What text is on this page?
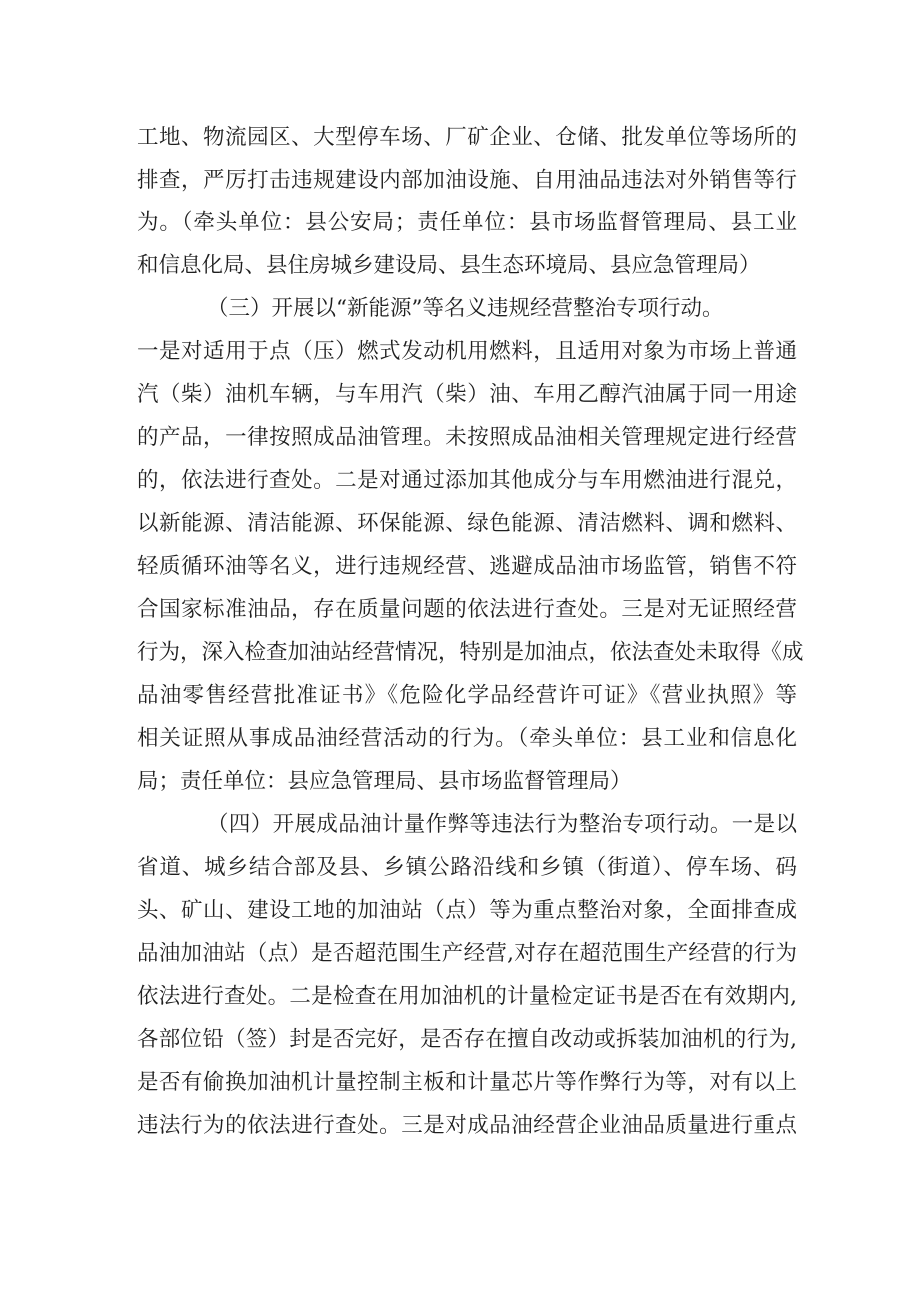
工地、物流园区、大型停车场、厂矿企业、仓储、批发单位等场所的
排查，严厉打击违规建设内部加油设施、自用油品违法对外销售等行
为。（牵头单位：县公安局；责任单位：县市场监督管理局、县工业
和信息化局、县住房城乡建设局、县生态环境局、县应急管理局）
（三）开展以“新能源”等名义违规经营整治专项行动。
一是对适用于点（压）燃式发动机用燃料，且适用对象为市场上普通
汽（柴）油机车辆，与车用汽（柴）油、车用乙醇汽油属于同一用途
的产品，一律按照成品油管理。未按照成品油相关管理规定进行经营
的，依法进行查处。二是对通过添加其他成分与车用燃油进行混兑，
以新能源、清洁能源、环保能源、绿色能源、清洁燃料、调和燃料、
轻质循环油等名义，进行违规经营、逃避成品油市场监管，销售不符
合国家标准油品，存在质量问题的依法进行查处。三是对无证照经营
行为，深入检查加油站经营情况，特别是加油点，依法查处未取得《成
品油零售经营批准证书》《危险化学品经营许可证》《营业执照》等
相关证照从事成品油经营活动的行为。（牵头单位：县工业和信息化
局；责任单位：县应急管理局、县市场监督管理局）
（四）开展成品油计量作弊等违法行为整治专项行动。一是以
省道、城乡结合部及县、乡镇公路沿线和乡镇（街道）、停车场、码
头、矿山、建设工地的加油站（点）等为重点整治对象，全面排查成
品油加油站（点）是否超范围生产经营,对存在超范围生产经营的行为
依法进行查处。二是检查在用加油机的计量检定证书是否在有效期内,
各部位铅（签）封是否完好，是否存在擅自改动或拆装加油机的行为,
是否有偷换加油机计量控制主板和计量芯片等作弊行为等，对有以上
违法行为的依法进行查处。三是对成品油经营企业油品质量进行重点
